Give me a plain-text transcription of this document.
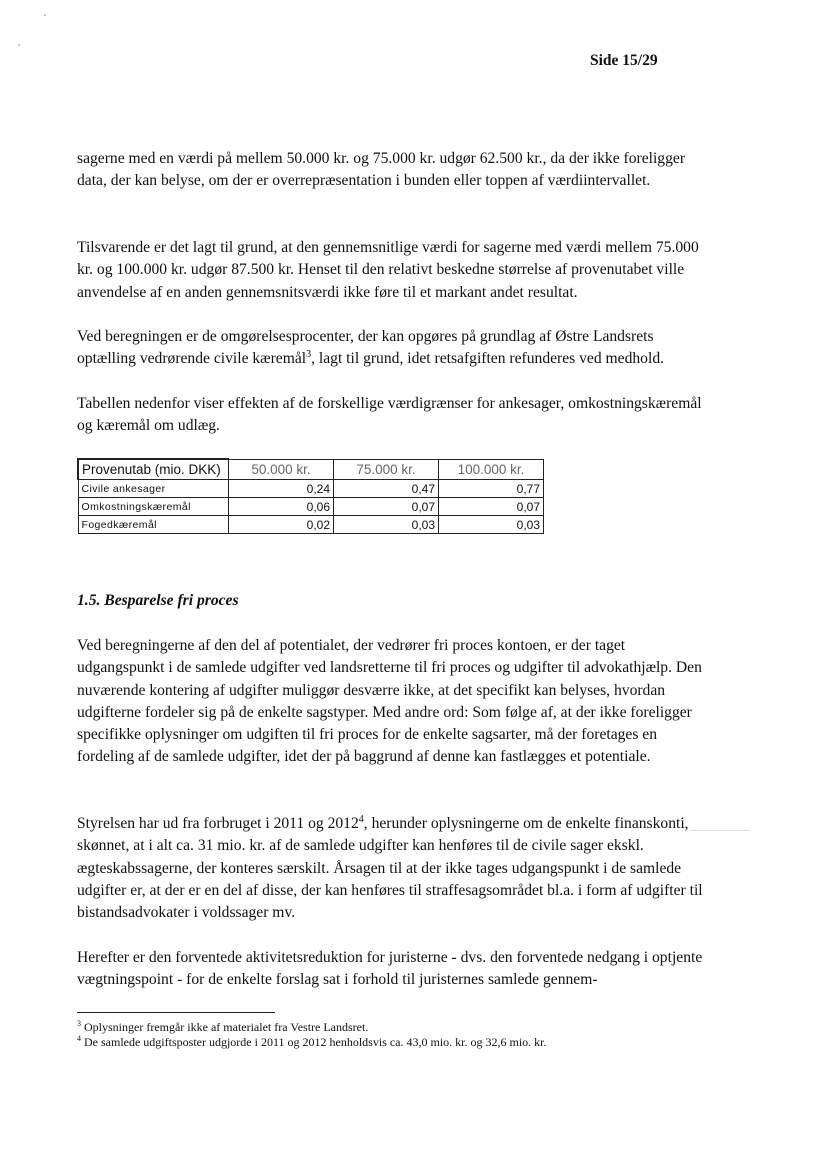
Side 15/29

sagerne med en værdi på mellem 50.000 kr. og 75.000 kr. udgør 62.500 kr., da der ikke foreligger data, der kan belyse, om der er overrepræsentation i bunden eller toppen af værdiintervallet.

Tilsvarende er det lagt til grund, at den gennemsnitlige værdi for sagerne med værdi mellem 75.000 kr. og 100.000 kr. udgør 87.500 kr. Henset til den relativt beskedne størrelse af provenutabet ville anvendelse af en anden gennemsnitsværdi ikke føre til et markant andet resultat.

Ved beregningen er de omgørelsesprocenter, der kan opgøres på grundlag af Østre Landsrets optælling vedrørende civile kæremål$^3$, lagt til grund, idet retsafgiften refunderes ved medhold.

Tabellen nedenfor viser effekten af de forskellige værdigrænser for ankesager, omkostningskæremål og kæremål om udlæg.

Provenutab (mio. DKK)	50.000 kr.	75.000 kr.	100.000 kr.
Civile ankesager	0,24	0,47	0,77
Omkostningskæremål	0,06	0,07	0,07
Fogedkæremål	0,02	0,03	0,03
1.5. Besparelse fri proces

Ved beregningerne af den del af potentialet, der vedrører fri proces kontoen, er der taget udgangspunkt i de samlede udgifter ved landsretterne til fri proces og udgifter til advokathjælp. Den nuværende kontering af udgifter muliggør desværre ikke, at det specifikt kan belyses, hvordan udgifterne fordeler sig på de enkelte sagstyper. Med andre ord: Som følge af, at der ikke foreligger specifikke oplysninger om udgiften til fri proces for de enkelte sagsarter, må der foretages en fordeling af de samlede udgifter, idet der på baggrund af denne kan fastlægges et potentiale.

Styrelsen har ud fra forbruget i 2011 og 2012$^4$, herunder oplysningerne om de enkelte finanskonti, skønnet, at i alt ca. 31 mio. kr. af de samlede udgifter kan henføres til de civile sager ekskl. ægteskabssagerne, der konteres særskilt. Årsagen til at der ikke tages udgangspunkt i de samlede udgifter er, at der er en del af disse, der kan henføres til straffesagsområdet bl.a. i form af udgifter til bistandsadvokater i voldssager mv.

Herefter er den forventede aktivitetsreduktion for juristerne - dvs. den forventede nedgang i optjente vægtningspoint - for de enkelte forslag sat i forhold til juristernes samlede gennem-

$^3$ Oplysninger fremgår ikke af materialet fra Vestre Landsret.

$^4$ De samlede udgiftsposter udgjorde i 2011 og 2012 henholdsvis ca. 43,0 mio. kr. og 32,6 mio. kr.
